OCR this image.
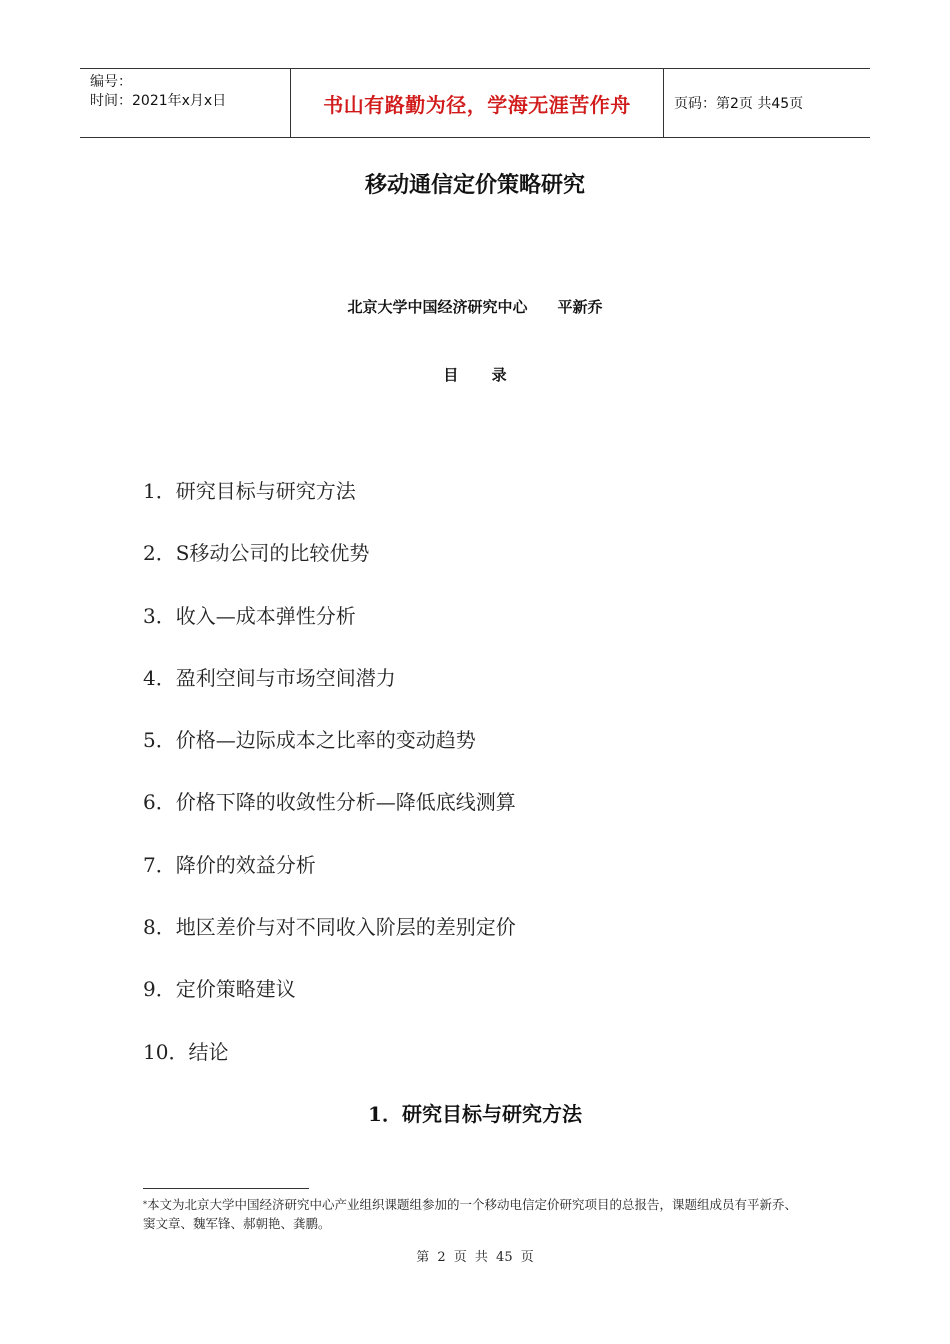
编号：
时间：2021年x月x日	书山有路勤为径，学海无涯苦作舟	页码：第2页 共45页
移动通信定价策略研究
北京大学中国经济研究中心 平新乔
目 录
1．研究目标与研究方法
2．S移动公司的比较优势
3．收入—成本弹性分析
4．盈利空间与市场空间潜力
5．价格—边际成本之比率的变动趋势
6．价格下降的收敛性分析—降低底线测算
7．降价的效益分析
8．地区差价与对不同收入阶层的差别定价
9．定价策略建议
10．结论
1．研究目标与研究方法
*本文为北京大学中国经济研究中心产业组织课题组参加的一个移动电信定价研究项目的总报告，课题组成员有平新乔、窦文章、魏军锋、郝朝艳、龚鹏。
第 2 页 共 45 页
